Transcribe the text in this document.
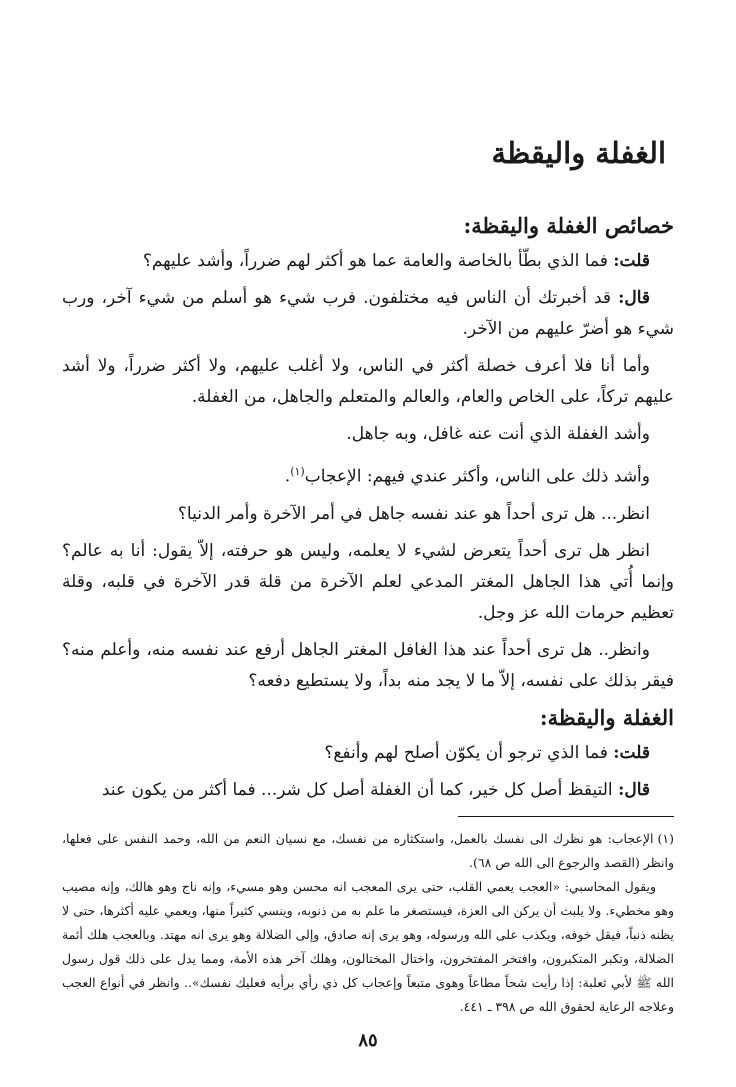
الغفلة واليقظة
خصائص الغفلة واليقظة:

قلت: فما الذي بطّأ بالخاصة والعامة عما هو أكثر لهم ضرراً، وأشد عليهم؟

قال: قد أخبرتك أن الناس فيه مختلفون. فرب شيء هو أسلم من شيء آخر، ورب شيء هو أضرّ عليهم من الآخر.

وأما أنا فلا أعرف خصلة أكثر في الناس، ولا أغلب عليهم، ولا أكثر ضرراً، ولا أشد عليهم تركاً، على الخاص والعام، والعالم والمتعلم والجاهل، من الغفلة.

وأشد الغفلة الذي أنت عنه غافل، وبه جاهل.

وأشد ذلك على الناس، وأكثر عندي فيهم: الإعجاب$^{(١)}$.

انظر... هل ترى أحداً هو عند نفسه جاهل في أمر الآخرة وأمر الدنيا؟

انظر هل ترى أحداً يتعرض لشيء لا يعلمه، وليس هو حرفته، إلاّ يقول: أنا به عالم؟ وإنما أُتي هذا الجاهل المغتر المدعي لعلم الآخرة من قلة قدر الآخرة في قلبه، وقلة تعظيم حرمات الله عز وجل.

وانظر.. هل ترى أحداً عند هذا الغافل المغتر الجاهل أرفع عند نفسه منه، وأعلم منه؟ فيقر بذلك على نفسه، إلاّ ما لا يجد منه بداً، ولا يستطيع دفعه؟

الغفلة واليقظة:

قلت: فما الذي ترجو أن يكوّن أصلح لهم وأنفع؟

قال: التيقظ أصل كل خير، كما أن الغفلة أصل كل شر... فما أكثر من يكون عند

(١)الإعجاب: هو نظرك الى نفسك بالعمل، واستكثاره من نفسك، مع نسيان النعم من الله، وحمد النفس على فعلها، وانظر (القصد والرجوع الى الله ص ٦٨).

ويقول المحاسبي: «العجب يعمي القلب، حتى يرى المعجب انه محسن وهو مسيء، وإنه ناج وهو هالك، وإنه مصيب وهو مخطيء. ولا يلبث أن يركن الى العزة، فيستصغر ما علم به من ذنوبه، وينسي كثيراً منها، ويعمي عليه أكثرها، حتى لا يظنه ذنباً، فيقل خوفه، ويكذب على الله ورسوله، وهو يرى إنه صادق، وإلى الضلالة وهو يرى انه مهتد. وبالعجب هلك أئمة الضلالة، وتكبر المتكبرون، وافتخر المفتخرون، واختال المختالون، وهلك آخر هذه الأمة، ومما يدل على ذلك قول رسول الله ﷺ لأبي ثعلبة: إذا رأيت شحاً مطاعاً وهوى متبعاً وإعجاب كل ذي رأي برأيه فعليك نفسك».. وانظر في أنواع العجب وعلاجه الرعاية لحقوق الله ص ٣٩٨ ـ ٤٤١.

٨٥
